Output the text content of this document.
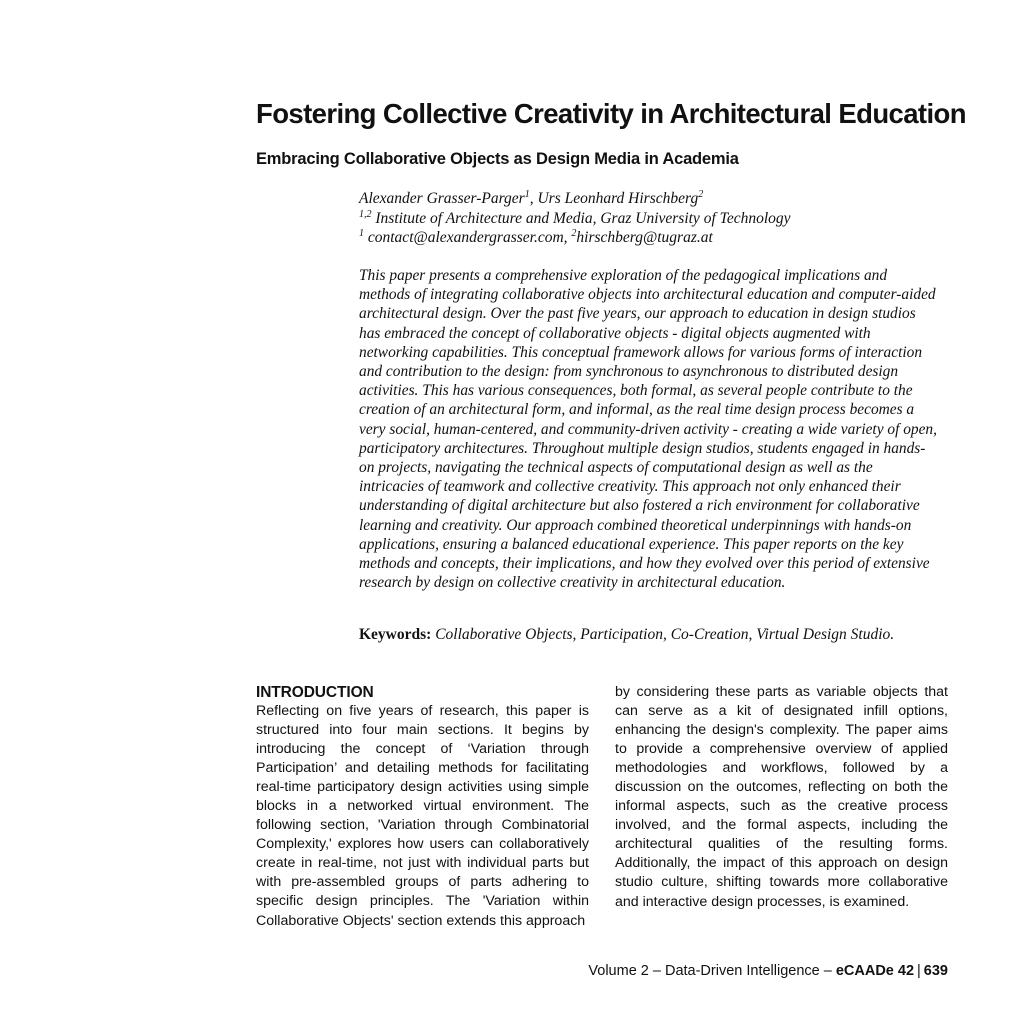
Fostering Collective Creativity in Architectural Education
Embracing Collaborative Objects as Design Media in Academia
Alexander Grasser-Parger$^1$, Urs Leonhard Hirschberg$^2$
$^{1,2}$ Institute of Architecture and Media, Graz University of Technology
$^1$ contact@alexandergrasser.com, $^2$hirschberg@tugraz.at

This paper presents a comprehensive exploration of the pedagogical implications and methods of integrating collaborative objects into architectural education and computer-aided architectural design. Over the past five years, our approach to education in design studios has embraced the concept of collaborative objects - digital objects augmented with networking capabilities. This conceptual framework allows for various forms of interaction and contribution to the design: from synchronous to asynchronous to distributed design activities. This has various consequences, both formal, as several people contribute to the creation of an architectural form, and informal, as the real time design process becomes a very social, human-centered, and community-driven activity - creating a wide variety of open, participatory architectures. Throughout multiple design studios, students engaged in hands-on projects, navigating the technical aspects of computational design as well as the intricacies of teamwork and collective creativity. This approach not only enhanced their understanding of digital architecture but also fostered a rich environment for collaborative learning and creativity. Our approach combined theoretical underpinnings with hands-on applications, ensuring a balanced educational experience. This paper reports on the key methods and concepts, their implications, and how they evolved over this period of extensive research by design on collective creativity in architectural education.

Keywords: Collaborative Objects, Participation, Co-Creation, Virtual Design Studio.
INTRODUCTION

Reflecting on five years of research, this paper is structured into four main sections. It begins by introducing the concept of ‘Variation through Participation’ and detailing methods for facilitating real-time participatory design activities using simple blocks in a networked virtual environment. The following section, 'Variation through Combinatorial Complexity,' explores how users can collaboratively create in real-time, not just with individual parts but with pre-assembled groups of parts adhering to specific design principles. The 'Variation within Collaborative Objects' section extends this approach

by considering these parts as variable objects that can serve as a kit of designated infill options, enhancing the design's complexity. The paper aims to provide a comprehensive overview of applied methodologies and workflows, followed by a discussion on the outcomes, reflecting on both the informal aspects, such as the creative process involved, and the formal aspects, including the architectural qualities of the resulting forms. Additionally, the impact of this approach on design studio culture, shifting towards more collaborative and interactive design processes, is examined.

Volume 2 – Data-Driven Intelligence – eCAADe 42 | 639
